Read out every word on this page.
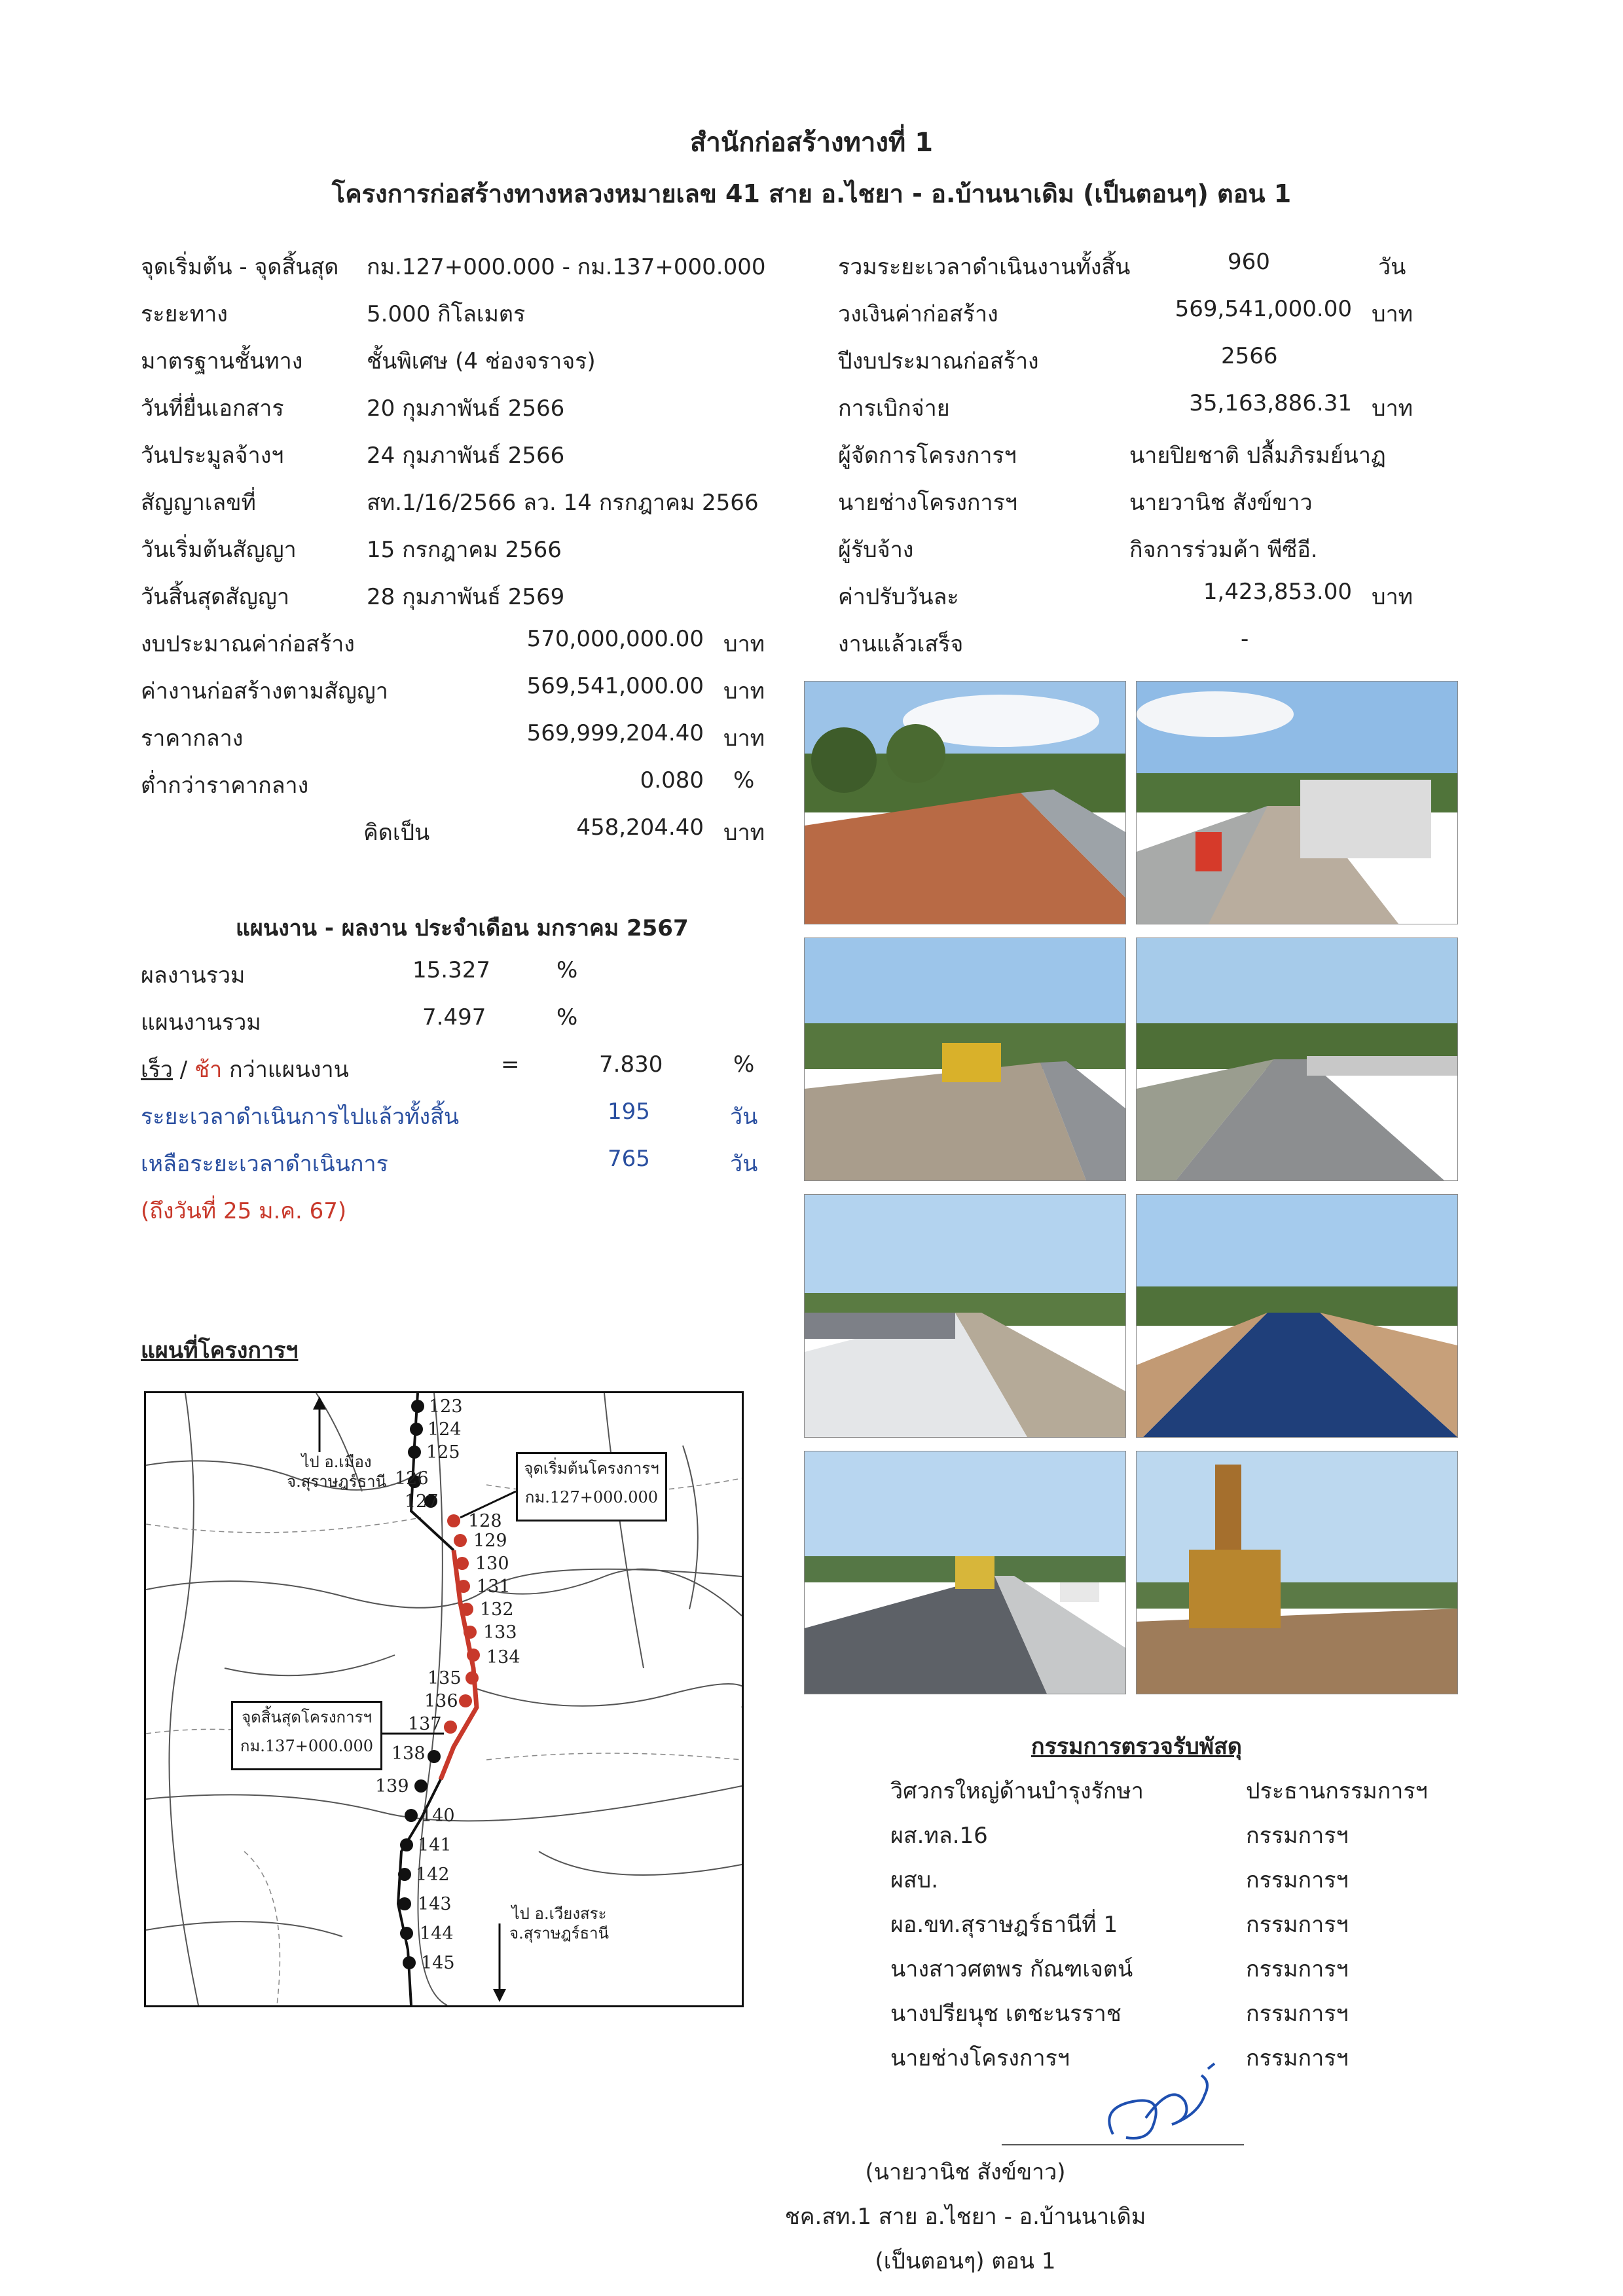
สำนักก่อสร้างทางที่ 1
โครงการก่อสร้างทางหลวงหมายเลข 41 สาย อ.ไชยา - อ.บ้านนาเดิม (เป็นตอนๆ) ตอน 1
จุดเริ่มต้น - จุดสิ้นสุด กม.127+000.000 - กม.137+000.000
ระยะทาง	5.000 กิโลเมตร
มาตรฐานชั้นทาง	ชั้นพิเศษ (4 ช่องจราจร)
วันที่ยื่นเอกสาร	20 กุมภาพันธ์ 2566
วันประมูลจ้างฯ	24 กุมภาพันธ์ 2566
สัญญาเลขที่	สท.1/16/2566 ลว. 14 กรกฎาคม 2566
วันเริ่มต้นสัญญา	15 กรกฎาคม 2566
วันสิ้นสุดสัญญา	28 กุมภาพันธ์ 2569
งบประมาณค่าก่อสร้าง	570,000,000.00 บาท
ค่างานก่อสร้างตามสัญญา	569,541,000.00 บาท
ราคากลาง	569,999,204.40 บาท
ต่ำกว่าราคากลาง	0.080 %
คิดเป็น	458,204.40 บาท
รวมระยะเวลาดำเนินงานทั้งสิ้น	960	วัน
วงเงินค่าก่อสร้าง	569,541,000.00 บาท
ปีงบประมาณก่อสร้าง	2566
การเบิกจ่าย	35,163,886.31 บาท
ผู้จัดการโครงการฯ	นายปิยชาติ ปลื้มภิรมย์นาฏ
นายช่างโครงการฯ	นายวานิช สังข์ขาว
ผู้รับจ้าง	กิจการร่วมค้า พีซีอี.
ค่าปรับวันละ	1,423,853.00 บาท
งานแล้วเสร็จ	-
แผนงาน - ผลงาน ประจำเดือน มกราคม 2567
ผลงานรวม	15.327	%
แผนงานรวม	7.497	%
เร็ว / ช้า กว่าแผนงาน	=	7.830	%
ระยะเวลาดำเนินการไปแล้วทั้งสิ้น	195	วัน
เหลือระยะเวลาดำเนินการ	765	วัน
(ถึงวันที่ 25 ม.ค. 67)
แผนที่โครงการฯ
123
124
125
126
127
128
129
130
131
132
133
134
135
136
137
138
139
140
141
142
143
144
145
ไป อ.เมือง
จ.สุราษฎร์ธานี
ไป อ.เวียงสระ
จ.สุราษฎร์ธานี
จุดเริ่มต้นโครงการฯ
กม.127+000.000
จุดสิ้นสุดโครงการฯ
กม.137+000.000	กรรมการตรวจรับพัสดุ
วิศวกรใหญ่ด้านบำรุงรักษา	ประธานกรรมการฯ
ผส.ทล.16	กรรมการฯ
ผสบ.	กรรมการฯ
ผอ.ขท.สุราษฎร์ธานีที่ 1	กรรมการฯ
นางสาวศตพร กัณฑเจตน์	กรรมการฯ
นางปรียนุช เตชะนรราช	กรรมการฯ
นายช่างโครงการฯ	กรรมการฯ
(นายวานิช สังข์ขาว)
ชค.สท.1 สาย อ.ไชยา - อ.บ้านนาเดิม
(เป็นตอนๆ) ตอน 1
